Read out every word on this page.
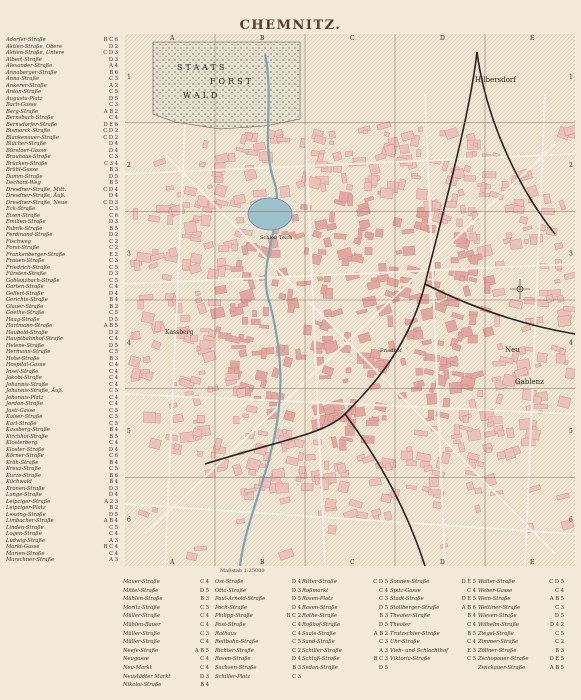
CHEMNITZ.
Adorfer-Straße	B C 6
Aktien-Straße, Obere	D 2
Aktien-Straße, Untere	C D 3
Albert-Straße	D 3
Alexander-Straße	A 4
Annaberger-Straße	B 6
Anna-Straße	C 5
Ankerer-Straße	A 2
Anton-Straße	C 5
Augusta-Platz	D 5
Bach-Gasse	C 3
Berg-Straße	A B 2
Bernsbach-Straße	C 4
Bernsdorfer-Straße	D E 6
Bismarck-Straße	C D 2
Blankenauer-Straße	C D 2
Blücher-Straße	D 4
Bürstaer-Gasse	D 4
Brauhaus-Straße	C 3
Brücken-Straße	C 3 4
Brühl-Gasse	B 3
Damm-Straße	D 5
Dechant-Weg	B 5
Dresdner-Straße, Mitt.	C D 4
Dresdner-Straße, Äuß.	D 4
Dresdner-Straße, Neue	C D 3
Eck-Straße	C 3
Eisen-Straße	C 6
Emilien-Straße	D 3
Fabrik-Straße	B 5
Ferdinand-Straße	D 2
Fischweg	C 2
Forst-Straße	C 2
Frankenberger-Straße	E 2
Frauen-Straße	C 3
Friedrich-Straße	C 5
Fürsten-Straße	D 3
Gablenzbach-Straße	C 5
Garten-Straße	C 4
Gellert-Straße	D 4
Gerichts-Straße	B 4
Glauer-Straße	B 2
Goethe-Straße	C 5
Haag-Straße	D 5
Hartmann-Straße	A B 5
Haubold-Straße	D 2
Hauptbahnhof-Straße	C 4
Helene-Straße	D 5
Hermann-Straße	C 5
Hohe-Straße	B 3
Hospital-Gasse	C 4
Insel-Straße	C 4
Jakobi-Straße	C 4
Johannis-Straße	C 4
Johannis-Straße, Äuß.	C 5
Johannis-Platz	C 4
Jordan-Straße	C 4
Justi-Gasse	C 5
Kaiser-Straße	C 5
Karl-Straße	C 5
Kassberg-Straße	B 4
Kirchhof-Straße	B 5
Klosterberg	C 4
Kloster-Straße	D 4
Körner-Straße	C 6
Kräh-Straße	B 4
Kreuz-Straße	C 5
Kurze-Straße	B 6
Küchwald	B 4
Kronen-Straße	D 3
Lange-Straße	D 4
Leipziger-Straße	A 2 3
Leipziger-Platz	B 2
Lessing-Straße	D 5
Limbacher-Straße	A B 4
Linden-Straße	C 5
Logen-Straße	C 4
Ludwig-Straße	A 3
Markt-Gasse	B C 4
Marien-Straße	C 4
Marschner-Straße	A 3
Mauer-Straße	C 4
Mittel-Straße	D 5
Mühlen-Straße	B 3
Moritz-Straße	C 5
Müller-Straße	C 4
Mühlen-Bauer	C 4
Müller-Straße	C 3
Müller-Straße	C 4
Neefe-Straße	A B 5
Neugasse	C 4
Neu-Markt	C 4
Neustädter Markt	D 3
Nikolai-Straße	B 4
Ost-Straße	D 4
Otto-Straße	D 3
Paul-Arnold-Straße	D 5
Poch-Straße	D 4
Philipp-Straße	B C 2
Post-Straße	C 4
Rathaus	C 4
Reitbahn-Straße	C 5
Richter-Straße	C 2
Rosen-Straße	D 4
Sachsen-Straße	B 3
Schiller-Platz	C 3
Ritter-Straße	C D 5
Roßmarkt	C 4
Rosen-Platz	C 3
Rosen-Straße	D 5
Rothe-Straße	B 3
Roßhof-Straße	D 5
Saale-Straße	A B 2
Sand-Straße	C 3
Schiller-Straße	A 3
Schloß-Straße	B C 3
Sedan-Straße	D 5
Sonnen-Straße	D E 5
Spitz-Gasse	C 4
Stadt-Straße	D E 5
Stollberger-Straße	A B 6
Theater-Straße	B 4
Theater	C 4
Trutzschler-Straße	B 5
Uhr-Straße	C 4
Vieh- und Schlachthof	E 3
Viktoria-Straße	C 5
Walter-Straße	C D 5
Weber-Gasse	C 4
Wein-Straße	A B 5
Wettiner-Straße	C 3
Wiesen-Straße	D 5
Wilhelm-Straße	D 4 2
Ziegel-Straße	C 5
Zimmer-Straße	C 2
Zöllner-Straße	B 3
Zschopauer-Straße	D E 5
Zwickauer-Straße	A B 5
STAATS
FORST
WALD
A
A
B
B
C
C
D
D
E
E
1	1
2	2
3	3
4	4
5	5
6	6
Hilbersdorf
Schloß Teich
Kassberg
Friedhof	Neu
Gablenz
Maßstab 1:25000
